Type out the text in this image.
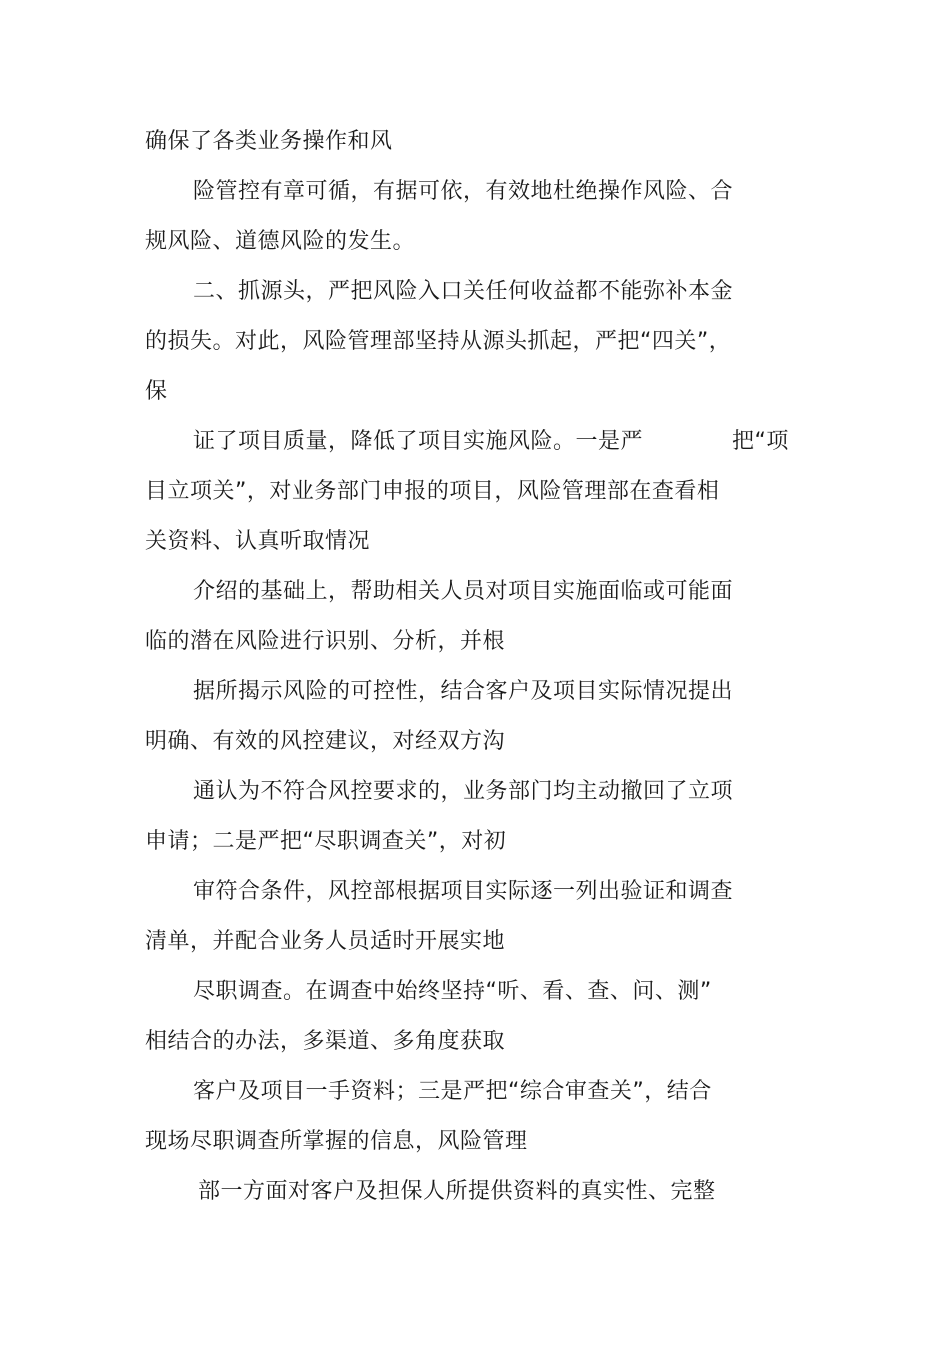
确保了各类业务操作和风
险管控有章可循，有据可依，有效地杜绝操作风险、合
规风险、道德风险的发生。
二、抓源头，严把风险入口关任何收益都不能弥补本金
的损失。对此，风险管理部坚持从源头抓起，严把“四关”，
保
证了项目质量，降低了项目实施风险。一是严	把“项
目立项关”，对业务部门申报的项目，风险管理部在查看相
关资料、认真听取情况
介绍的基础上，帮助相关人员对项目实施面临或可能面
临的潜在风险进行识别、分析，并根
据所揭示风险的可控性，结合客户及项目实际情况提出
明确、有效的风控建议，对经双方沟
通认为不符合风控要求的，业务部门均主动撤回了立项
申请；二是严把“尽职调查关”，对初
审符合条件，风控部根据项目实际逐一列出验证和调查
清单，并配合业务人员适时开展实地
尽职调查。在调查中始终坚持“听、看、查、问、测”
相结合的办法，多渠道、多角度获取
客户及项目一手资料；三是严把“综合审查关”，结合
现场尽职调查所掌握的信息，风险管理
部一方面对客户及担保人所提供资料的真实性、完整
